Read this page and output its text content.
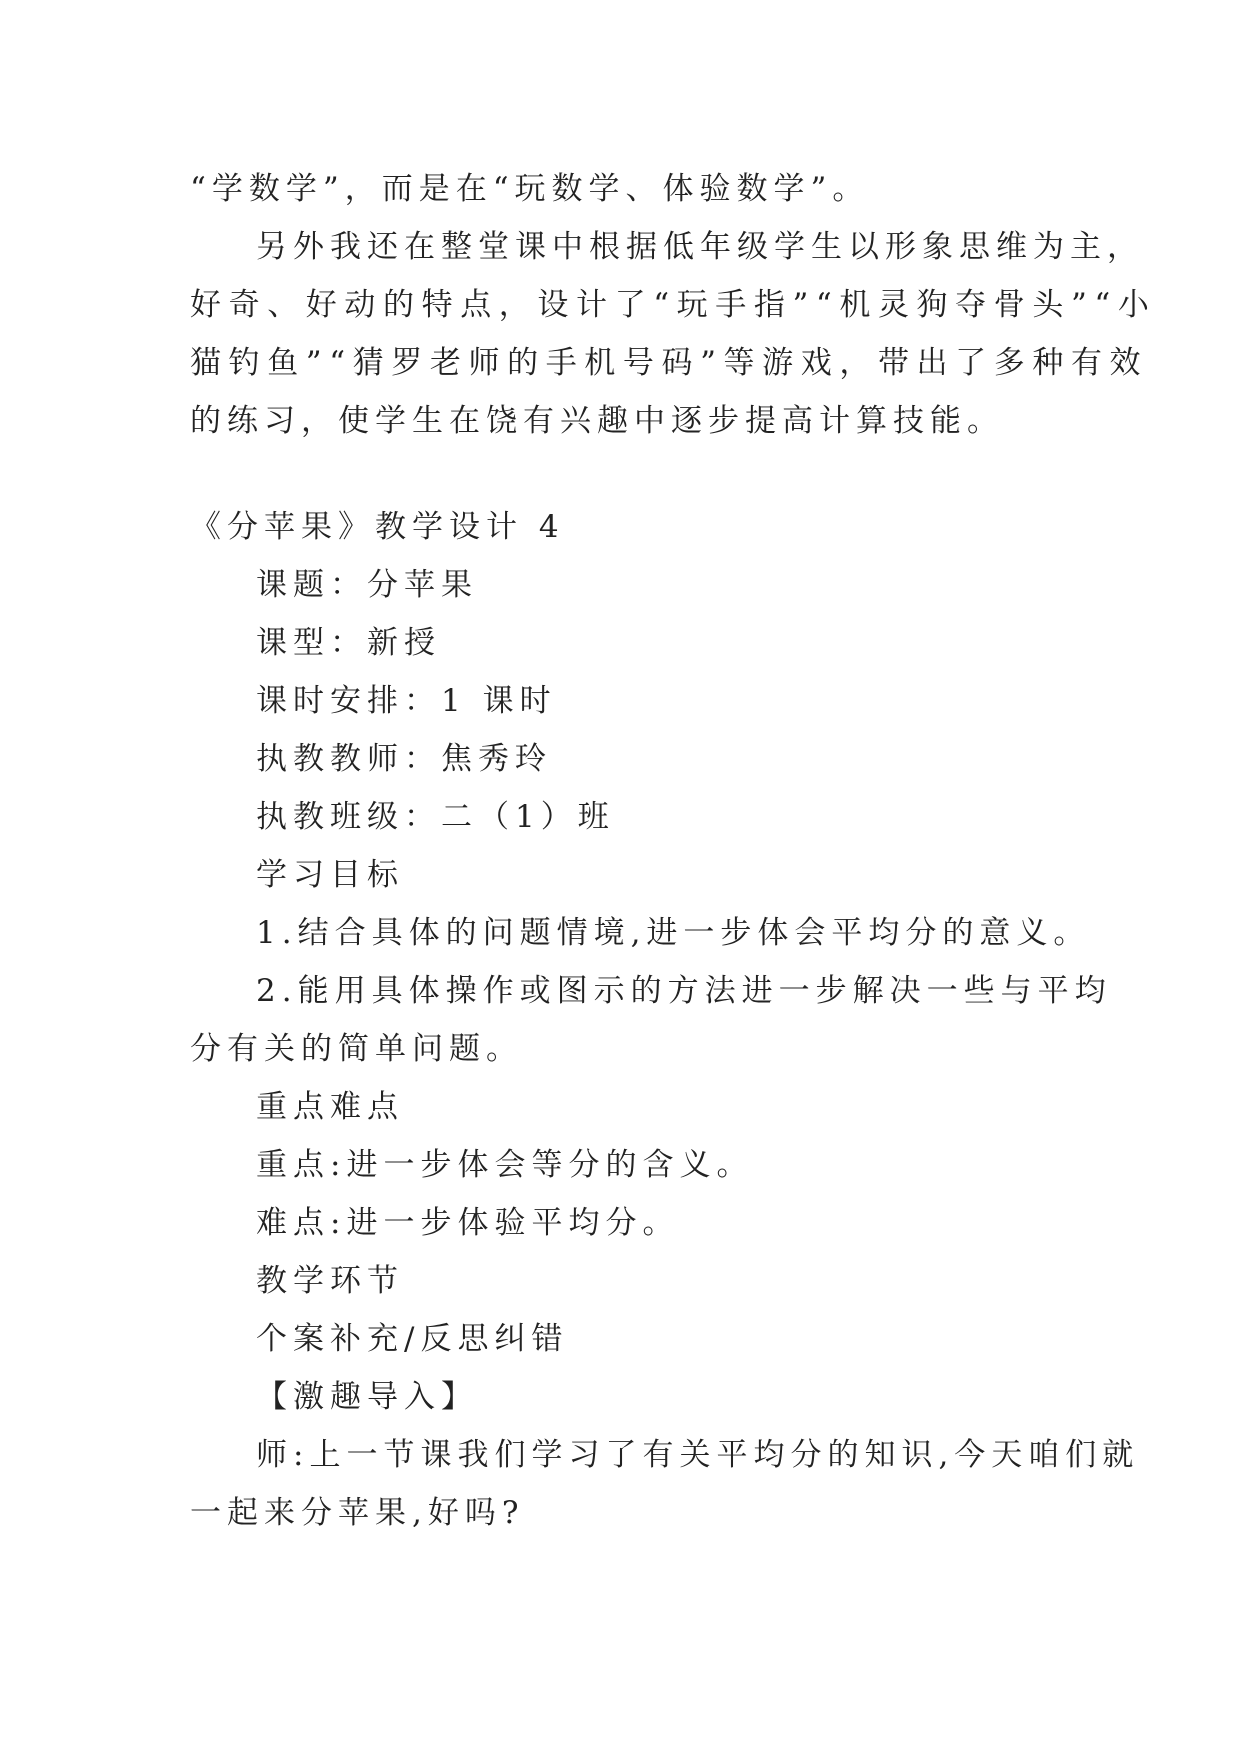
“学数学”，而是在“玩数学、体验数学”。
另外我还在整堂课中根据低年级学生以形象思维为主，
好奇、好动的特点，设计了“玩手指”“机灵狗夺骨头”“小
猫钓鱼”“猜罗老师的手机号码”等游戏，带出了多种有效
的练习，使学生在饶有兴趣中逐步提高计算技能。
《分苹果》教学设计 4
课题：分苹果
课型：新授
课时安排：1 课时
执教教师：焦秀玲
执教班级：二（1）班
学习目标
1.结合具体的问题情境,进一步体会平均分的意义。
2.能用具体操作或图示的方法进一步解决一些与平均
分有关的简单问题。
重点难点
重点:进一步体会等分的含义。
难点:进一步体验平均分。
教学环节
个案补充/反思纠错
【激趣导入】
师:上一节课我们学习了有关平均分的知识,今天咱们就
一起来分苹果,好吗?
